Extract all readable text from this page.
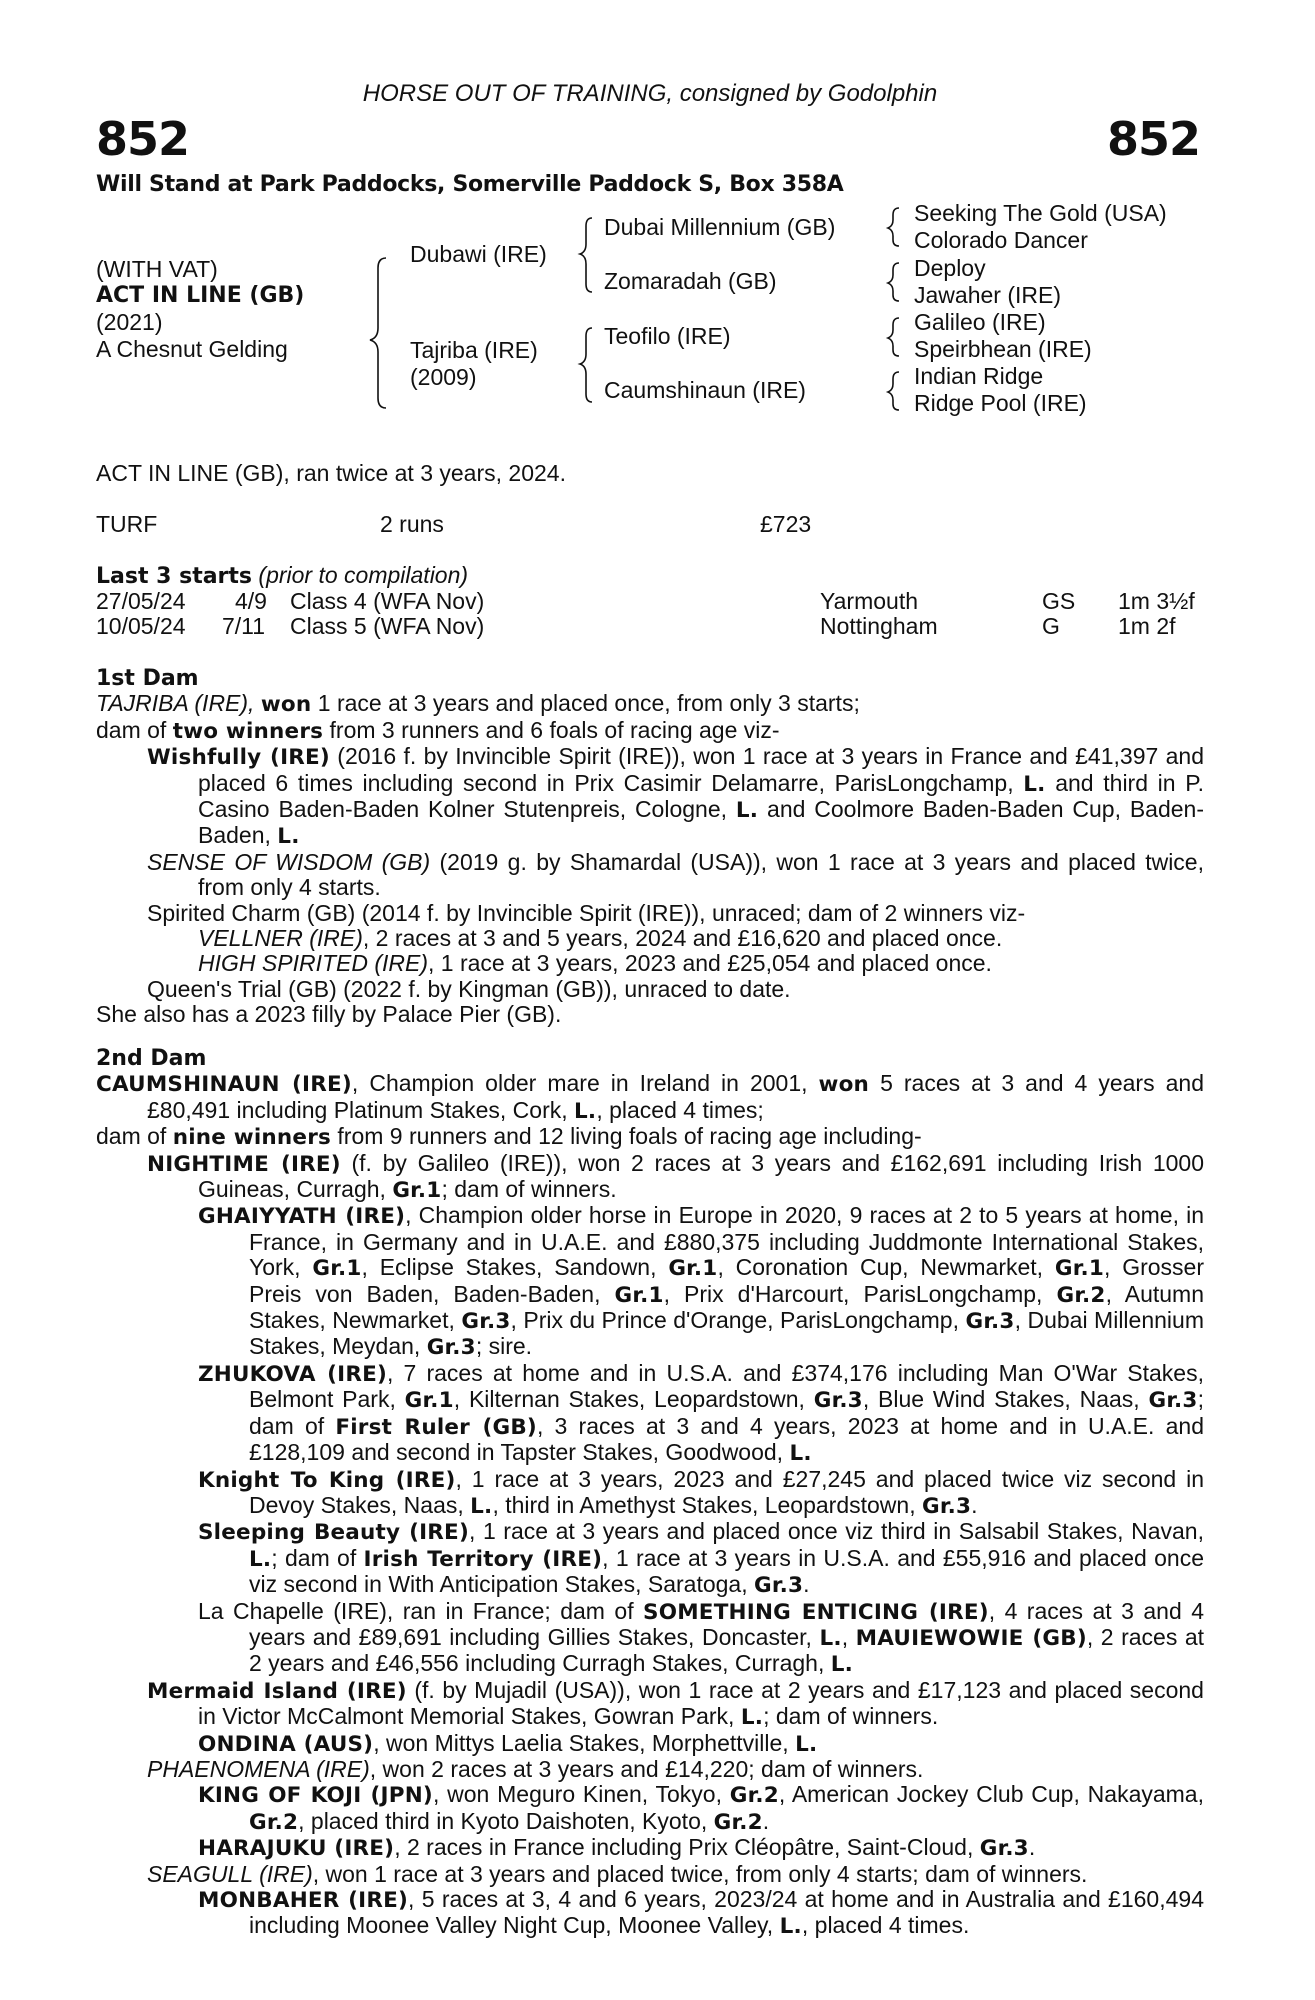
HORSE OUT OF TRAINING, consigned by Godolphin
852	852
Will Stand at Park Paddocks, Somerville Paddock S, Box 358A
(WITH VAT)
ACT IN LINE (GB)
(2021)
A Chesnut Gelding
Dubawi (IRE)
Tajriba (IRE)
(2009)
Dubai Millennium (GB)
Zomaradah (GB)
Teofilo (IRE)
Caumshinaun (IRE)
Seeking The Gold (USA)
Colorado Dancer
Deploy
Jawaher (IRE)
Galileo (IRE)
Speirbhean (IRE)
Indian Ridge
Ridge Pool (IRE)
ACT IN LINE (GB), ran twice at 3 years, 2024.
TURF	2 runs	£723
Last 3 starts (prior to compilation)
27/05/24 4/9 Class 4 (WFA Nov)	Yarmouth	GS 1m 3½f
10/05/24 7/11 Class 5 (WFA Nov)	Nottingham	G	1m 2f

1st Dam

TAJRIBA (IRE), won 1 race at 3 years and placed once, from only 3 starts;

dam of two winners from 3 runners and 6 foals of racing age viz-

Wishfully (IRE) (2016 f. by Invincible Spirit (IRE)), won 1 race at 3 years in France and £41,397 and placed 6 times including second in Prix Casimir Delamarre, ParisLongchamp, L. and third in P. Casino Baden-Baden Kolner Stutenpreis, Cologne, L. and Coolmore Baden-Baden Cup, Baden-Baden, L.

SENSE OF WISDOM (GB) (2019 g. by Shamardal (USA)), won 1 race at 3 years and placed twice, from only 4 starts.

Spirited Charm (GB) (2014 f. by Invincible Spirit (IRE)), unraced; dam of 2 winners viz-

VELLNER (IRE), 2 races at 3 and 5 years, 2024 and £16,620 and placed once.

HIGH SPIRITED (IRE), 1 race at 3 years, 2023 and £25,054 and placed once.

Queen's Trial (GB) (2022 f. by Kingman (GB)), unraced to date.

She also has a 2023 filly by Palace Pier (GB).

2nd Dam

CAUMSHINAUN (IRE), Champion older mare in Ireland in 2001, won 5 races at 3 and 4 years and £80,491 including Platinum Stakes, Cork, L., placed 4 times;

dam of nine winners from 9 runners and 12 living foals of racing age including-

NIGHTIME (IRE) (f. by Galileo (IRE)), won 2 races at 3 years and £162,691 including Irish 1000 Guineas, Curragh, Gr.1; dam of winners.

GHAIYYATH (IRE), Champion older horse in Europe in 2020, 9 races at 2 to 5 years at home, in France, in Germany and in U.A.E. and £880,375 including Juddmonte International Stakes, York, Gr.1, Eclipse Stakes, Sandown, Gr.1, Coronation Cup, Newmarket, Gr.1, Grosser Preis von Baden, Baden-Baden, Gr.1, Prix d'Harcourt, ParisLongchamp, Gr.2, Autumn Stakes, Newmarket, Gr.3, Prix du Prince d'Orange, ParisLongchamp, Gr.3, Dubai Millennium Stakes, Meydan, Gr.3; sire.

ZHUKOVA (IRE), 7 races at home and in U.S.A. and £374,176 including Man O'War Stakes, Belmont Park, Gr.1, Kilternan Stakes, Leopardstown, Gr.3, Blue Wind Stakes, Naas, Gr.3; dam of First Ruler (GB), 3 races at 3 and 4 years, 2023 at home and in U.A.E. and £128,109 and second in Tapster Stakes, Goodwood, L.

Knight To King (IRE), 1 race at 3 years, 2023 and £27,245 and placed twice viz second in Devoy Stakes, Naas, L., third in Amethyst Stakes, Leopardstown, Gr.3.

Sleeping Beauty (IRE), 1 race at 3 years and placed once viz third in Salsabil Stakes, Navan, L.; dam of Irish Territory (IRE), 1 race at 3 years in U.S.A. and £55,916 and placed once viz second in With Anticipation Stakes, Saratoga, Gr.3.

La Chapelle (IRE), ran in France; dam of SOMETHING ENTICING (IRE), 4 races at 3 and 4 years and £89,691 including Gillies Stakes, Doncaster, L., MAUIEWOWIE (GB), 2 races at 2 years and £46,556 including Curragh Stakes, Curragh, L.

Mermaid Island (IRE) (f. by Mujadil (USA)), won 1 race at 2 years and £17,123 and placed second in Victor McCalmont Memorial Stakes, Gowran Park, L.; dam of winners.

ONDINA (AUS), won Mittys Laelia Stakes, Morphettville, L.

PHAENOMENA (IRE), won 2 races at 3 years and £14,220; dam of winners.

KING OF KOJI (JPN), won Meguro Kinen, Tokyo, Gr.2, American Jockey Club Cup, Nakayama, Gr.2, placed third in Kyoto Daishoten, Kyoto, Gr.2.

HARAJUKU (IRE), 2 races in France including Prix Cléopâtre, Saint-Cloud, Gr.3.

SEAGULL (IRE), won 1 race at 3 years and placed twice, from only 4 starts; dam of winners.

MONBAHER (IRE), 5 races at 3, 4 and 6 years, 2023/24 at home and in Australia and £160,494 including Moonee Valley Night Cup, Moonee Valley, L., placed 4 times.
